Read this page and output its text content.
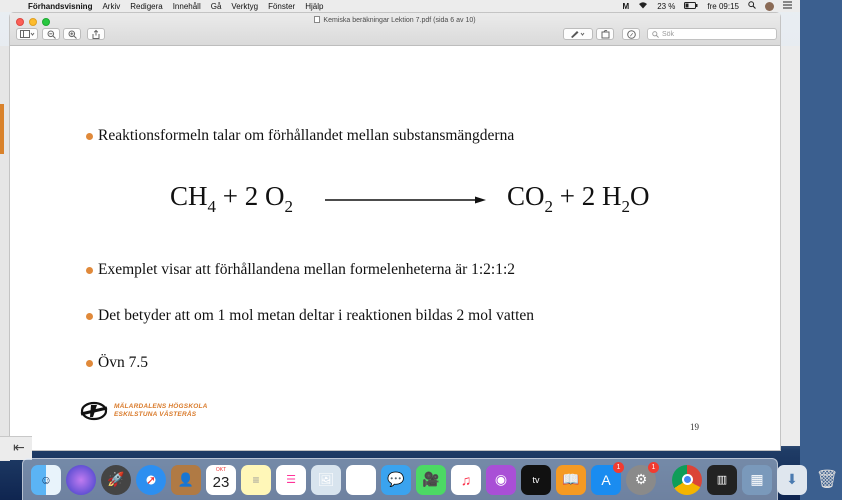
Förhandsvisning Arkiv Redigera Innehåll Gå Verktyg Fönster Hjälp	M	23 %	fre 09:15
Kemiska beräkningar Lektion 7.pdf (sida 6 av 10)
Sök
Reaktionsformeln talar om förhållandet mellan substansmängderna
$CH_4 + 2$ $O_2$	$CO_2 + 2$ $H_2O$
Exemplet visar att förhållandena mellan formelenheterna är 1:2:1:2
Det betyder att om 1 mol metan deltar i reaktionen bildas 2 mol vatten
Övn 7.5
MÄLARDALENS HÖGSKOLA
ESKILSTUNA VÄSTERÅS
19
⇤
☺	🚀	➚ 👤
OKT
23 ≡ ☰ 🖼 ✿	💬	🎥	♫	◉	tv	📖	A
1
⚙
1
▥	▦	⬇ 🗑
